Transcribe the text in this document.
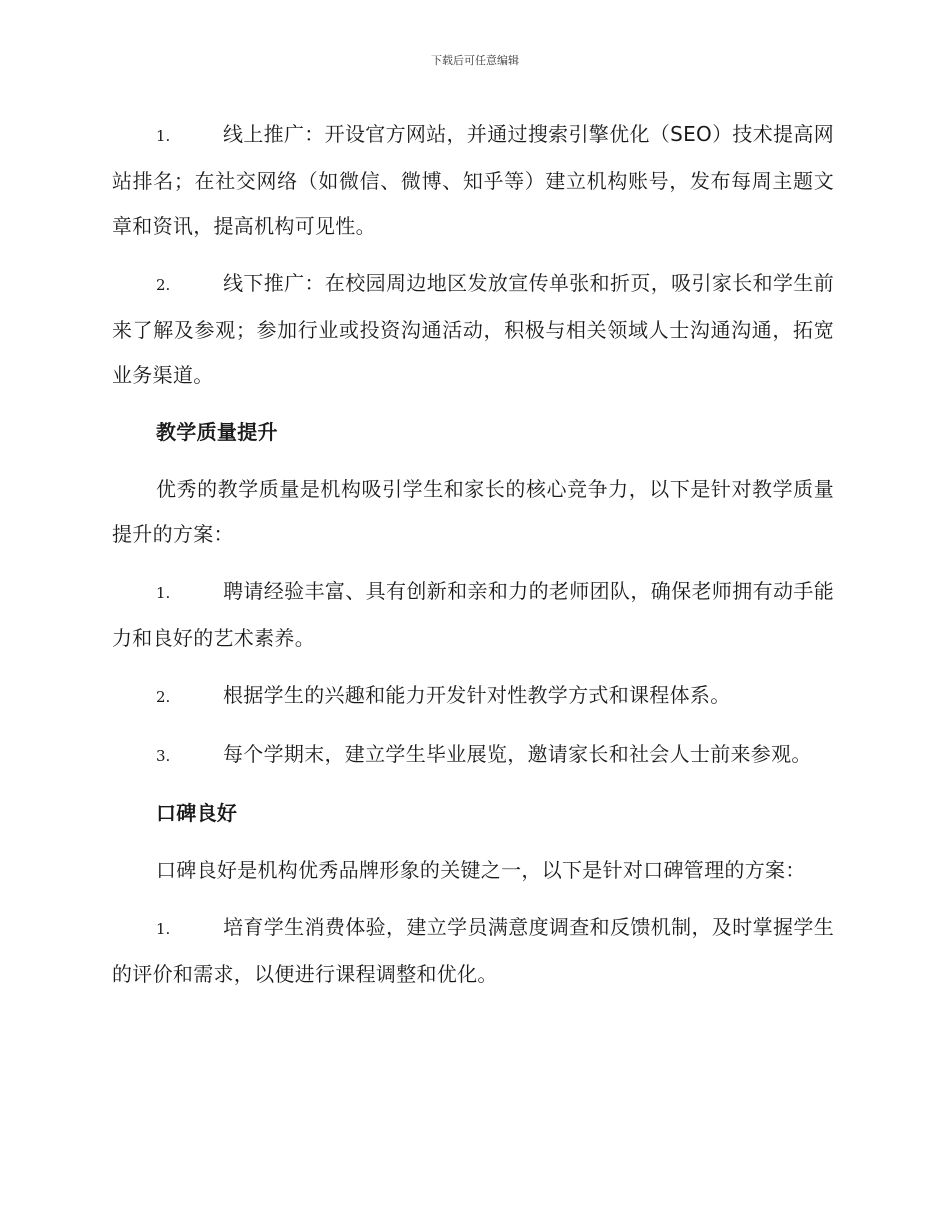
下载后可任意编辑

1.	线上推广：开设官方网站，并通过搜索引擎优化（SEO）技术提高网站排名；在社交网络（如微信、微博、知乎等）建立机构账号，发布每周主题文章和资讯，提高机构可见性。

2.	线下推广：在校园周边地区发放宣传单张和折页，吸引家长和学生前来了解及参观；参加行业或投资沟通活动，积极与相关领域人士沟通沟通，拓宽业务渠道。

教学质量提升

优秀的教学质量是机构吸引学生和家长的核心竞争力，以下是针对教学质量提升的方案：

1.	聘请经验丰富、具有创新和亲和力的老师团队，确保老师拥有动手能力和良好的艺术素养。

2.	根据学生的兴趣和能力开发针对性教学方式和课程体系。

3.	每个学期末，建立学生毕业展览，邀请家长和社会人士前来参观。

口碑良好

口碑良好是机构优秀品牌形象的关键之一，以下是针对口碑管理的方案：

1.	培育学生消费体验，建立学员满意度调查和反馈机制，及时掌握学生的评价和需求，以便进行课程调整和优化。
